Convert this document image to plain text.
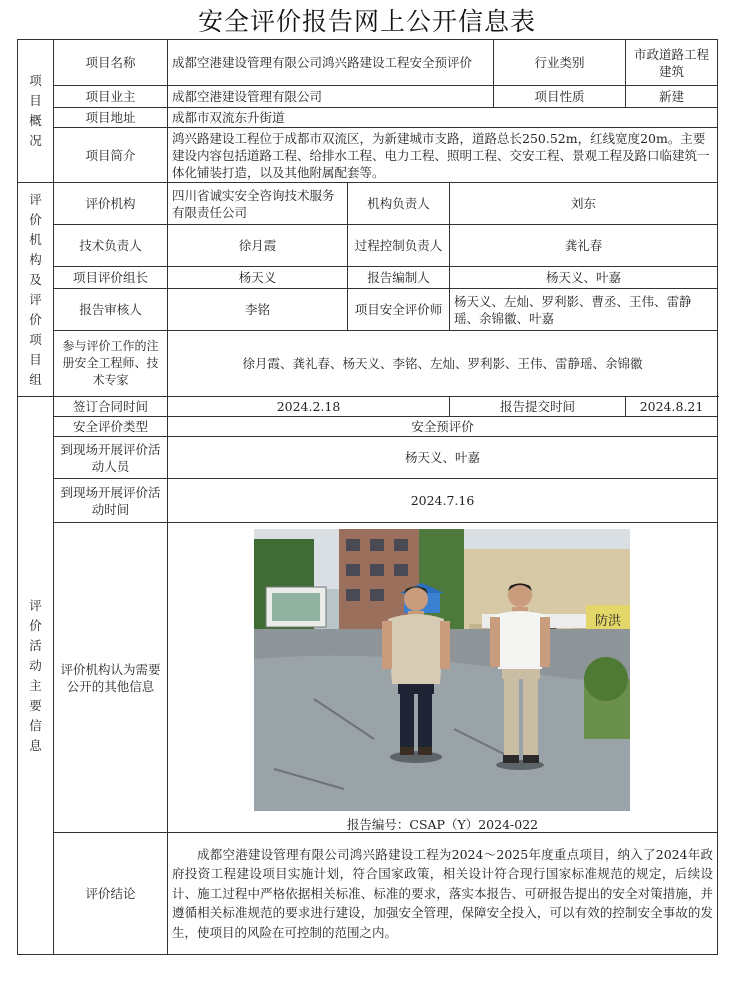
安全评价报告网上公开信息表
项目概况	项目名称	成都空港建设管理有限公司鸿兴路建设工程安全预评价			行业类别	市政道路工程建筑
	项目业主	成都空港建设管理有限公司			项目性质	新建
	项目地址	成都市双流东升街道				
	项目简介	鸿兴路建设工程位于成都市双流区，为新建城市支路，道路总长250.52m，红线宽度20m。主要建设内容包括道路工程、给排水工程、电力工程、照明工程、交安工程、景观工程及路口临建筑一体化铺装打造，以及其他附属配套等。				

评价机构及评价项目组	评价机构	四川省诚实安全咨询技术服务有限责任公司	机构负责人	刘东		
	技术负责人	徐月霞	过程控制负责人	龚礼春		
	项目评价组长	杨天义	报告编制人	杨天义、叶嘉		
	报告审核人	李铭	项目安全评价师	杨天义、左灿、罗利影、曹丞、王伟、雷静瑶、余锦徽、叶嘉		
	参与评价工作的注册安全工程师、技术专家	徐月霞、龚礼春、杨天义、李铭、左灿、罗利影、王伟、雷静瑶、余锦徽				

评价活动主要信息	签订合同时间	2024.2.18		报告提交时间		2024.8.21
	安全评价类型	安全预评价				
	到现场开展评价活动人员	杨天义、叶嘉				
	到现场开展评价活动时间	2024.7.16				
	评价机构认为需要公开的其他信息	防洪
报告编号：CSAP（Y）2024-022				

	评价结论	成都空港建设管理有限公司鸿兴路建设工程为2024～2025年度重点项目，纳入了2024年政府投资工程建设项目实施计划，符合国家政策，相关设计符合现行国家标准规范的规定，后续设计、施工过程中严格依据相关标准、标准的要求，落实本报告、可研报告提出的安全对策措施，并遵循相关标准规范的要求进行建设，加强安全管理，保障安全投入，可以有效的控制安全事故的发生，使项目的风险在可控制的范围之内。				
